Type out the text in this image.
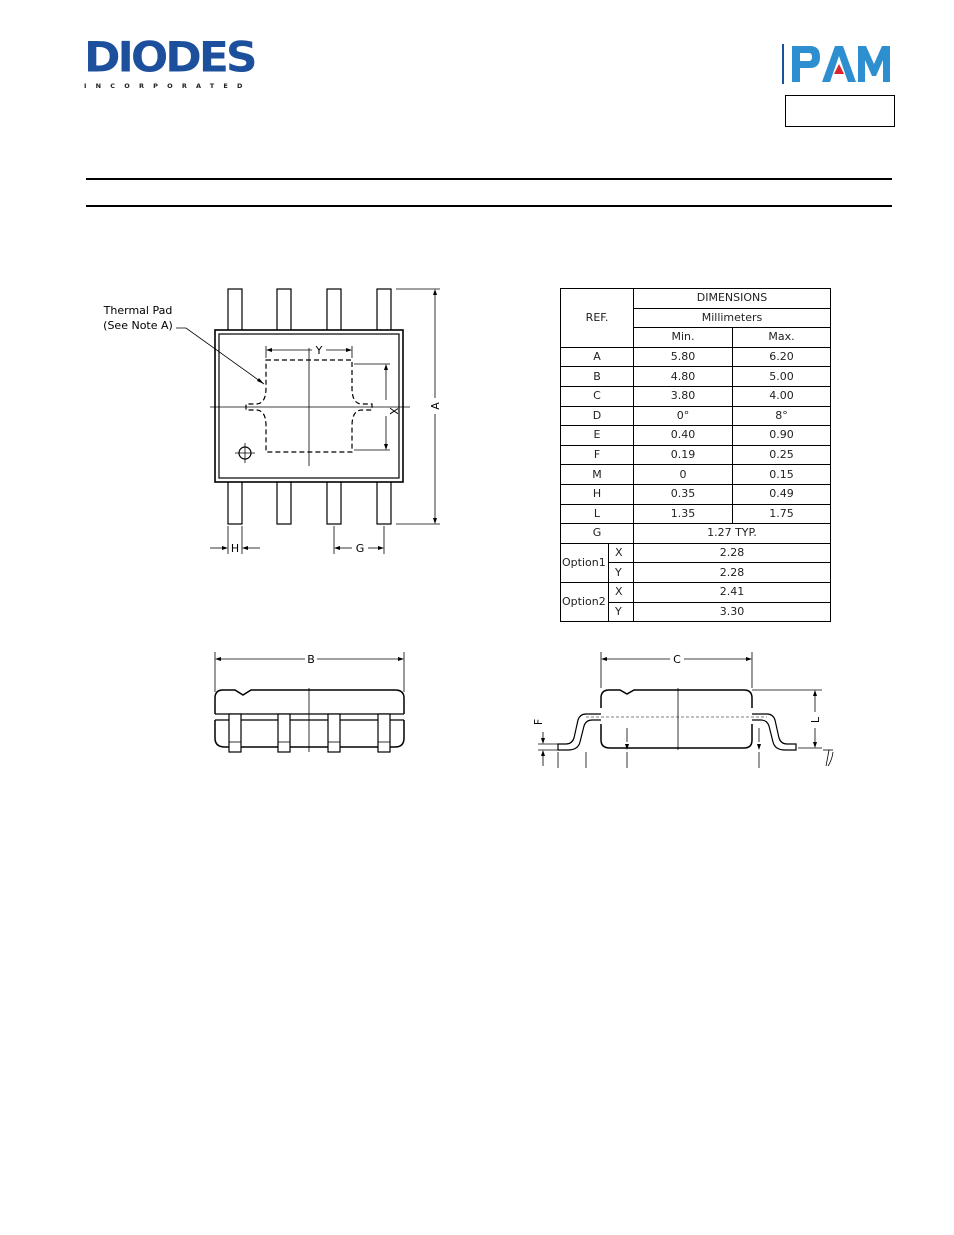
DIODES
INCORPORATED
Y
X
A
H	G
Thermal Pad
(See Note A)
REF.		DIMENSIONS	
		Millimeters	
		Min.	Max.
A		5.80	6.20
B		4.80	5.00
C		3.80	4.00
D		0°	8°
E		0.40	0.90
F		0.19	0.25
M		0	0.15
H		0.35	0.49
L		1.35	1.75
G		1.27 TYP.	
Option1	X	2.28	
	Y	2.28	
Option2	X	2.41	
	Y	3.30	
B	C
F	L
